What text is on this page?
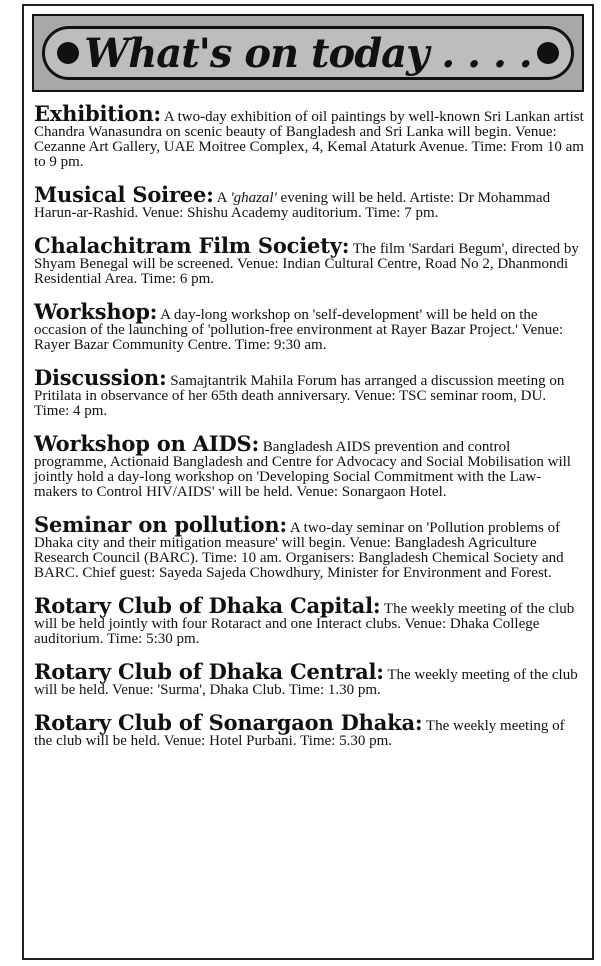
What's on today . . . .

Exhibition: A two-day exhibition of oil paintings by well-known Sri Lankan artist Chandra Wanasundra on scenic beauty of Bangladesh and Sri Lanka will begin. Venue: Cezanne Art Gallery, UAE Moitree Complex, 4, Kemal Ataturk Avenue. Time: From 10 am to 9 pm.

Musical Soiree: A 'ghazal' evening will be held. Artiste: Dr Mohammad Harun-ar-Rashid. Venue: Shishu Academy auditorium. Time: 7 pm.

Chalachitram Film Society: The film 'Sardari Begum', directed by Shyam Benegal will be screened. Venue: Indian Cultural Centre, Road No 2, Dhanmondi Residential Area. Time: 6 pm.

Workshop: A day-long workshop on 'self-development' will be held on the occasion of the launching of 'pollution-free environment at Rayer Bazar Project.' Venue: Rayer Bazar Community Centre. Time: 9:30 am.

Discussion: Samajtantrik Mahila Forum has arranged a discussion meeting on Pritilata in observance of her 65th death anniversary. Venue: TSC seminar room, DU. Time: 4 pm.

Workshop on AIDS: Bangladesh AIDS prevention and control programme, Actionaid Bangladesh and Centre for Advocacy and Social Mobilisation will jointly hold a day-long workshop on 'Developing Social Commitment with the Law-makers to Control HIV/AIDS' will be held. Venue: Sonargaon Hotel.

Seminar on pollution: A two-day seminar on 'Pollution problems of Dhaka city and their mitigation measure' will begin. Venue: Bangladesh Agriculture Research Council (BARC). Time: 10 am. Organisers: Bangladesh Chemical Society and BARC. Chief guest: Sayeda Sajeda Chowdhury, Minister for Environment and Forest.

Rotary Club of Dhaka Capital: The weekly meeting of the club will be held jointly with four Rotaract and one Interact clubs. Venue: Dhaka College auditorium. Time: 5:30 pm.

Rotary Club of Dhaka Central: The weekly meeting of the club will be held. Venue: 'Surma', Dhaka Club. Time: 1.30 pm.

Rotary Club of Sonargaon Dhaka: The weekly meeting of the club will be held. Venue: Hotel Purbani. Time: 5.30 pm.
